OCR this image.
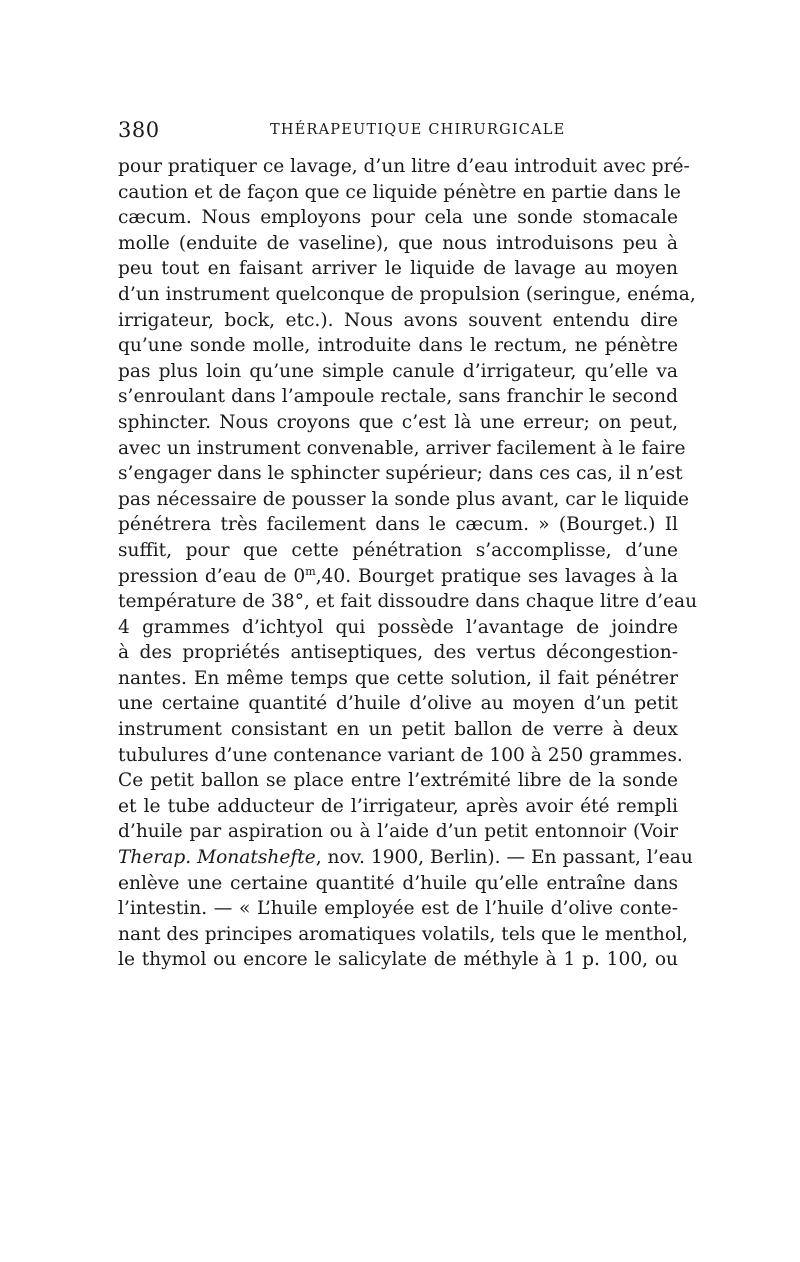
380	THÉRAPEUTIQUE CHIRURGICALE
pour pratiquer ce lavage, d’un litre d’eau introduit avec pré-
caution et de façon que ce liquide pénètre en partie dans le
cæcum. Nous employons pour cela une sonde stomacale
molle (enduite de vaseline), que nous introduisons peu à
peu tout en faisant arriver le liquide de lavage au moyen
d’un instrument quelconque de propulsion (seringue, enéma,
irrigateur, bock, etc.). Nous avons souvent entendu dire
qu’une sonde molle, introduite dans le rectum, ne pénètre
pas plus loin qu’une simple canule d’irrigateur, qu’elle va
s’enroulant dans l’ampoule rectale, sans franchir le second
sphincter. Nous croyons que c’est là une erreur; on peut,
avec un instrument convenable, arriver facilement à le faire
s’engager dans le sphincter supérieur; dans ces cas, il n’est
pas nécessaire de pousser la sonde plus avant, car le liquide
pénétrera très facilement dans le cæcum. » (Bourget.) Il
suffit, pour que cette pénétration s’accomplisse, d’une
pression d’eau de 0$^m$,40. Bourget pratique ses lavages à la
température de 38°, et fait dissoudre dans chaque litre d’eau
4 grammes d’ichtyol qui possède l’avantage de joindre
à des propriétés antiseptiques, des vertus décongestion-
nantes. En même temps que cette solution, il fait pénétrer
une certaine quantité d’huile d’olive au moyen d’un petit
instrument consistant en un petit ballon de verre à deux
tubulures d’une contenance variant de 100 à 250 grammes.
Ce petit ballon se place entre l’extrémité libre de la sonde
et le tube adducteur de l’irrigateur, après avoir été rempli
d’huile par aspiration ou à l’aide d’un petit entonnoir (Voir
Therap. Monatshefte, nov. 1900, Berlin). — En passant, l’eau
enlève une certaine quantité d’huile qu’elle entraîne dans
l’intestin. — « L’huile employée est de l’huile d’olive conte-
nant des principes aromatiques volatils, tels que le menthol,
le thymol ou encore le salicylate de méthyle à 1 p. 100, ou
